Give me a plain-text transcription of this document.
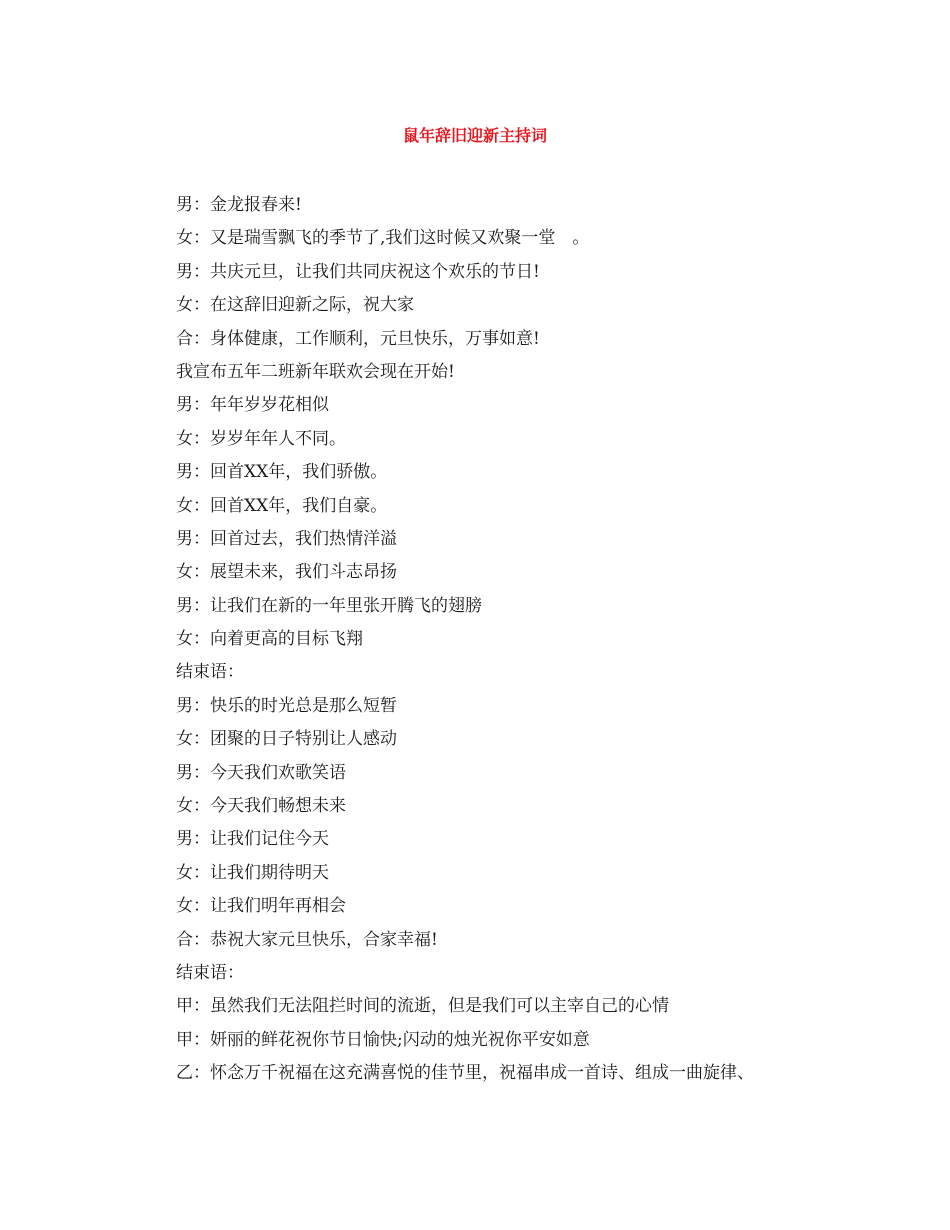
鼠年辞旧迎新主持词
男：金龙报春来!
女：又是瑞雪飘飞的季节了,我们这时候又欢聚一堂　。
男：共庆元旦，让我们共同庆祝这个欢乐的节日!
女：在这辞旧迎新之际，祝大家
合：身体健康，工作顺利，元旦快乐，万事如意!
我宣布五年二班新年联欢会现在开始!
男：年年岁岁花相似
女：岁岁年年人不同。
男：回首XX年，我们骄傲。
女：回首XX年，我们自豪。
男：回首过去，我们热情洋溢
女：展望未来，我们斗志昂扬
男：让我们在新的一年里张开腾飞的翅膀
女：向着更高的目标飞翔
结束语：
男：快乐的时光总是那么短暂
女：团聚的日子特别让人感动
男：今天我们欢歌笑语
女：今天我们畅想未来
男：让我们记住今天
女：让我们期待明天
女：让我们明年再相会
合：恭祝大家元旦快乐，合家幸福!
结束语：
甲：虽然我们无法阻拦时间的流逝，但是我们可以主宰自己的心情
甲：妍丽的鲜花祝你节日愉快;闪动的烛光祝你平安如意
乙：怀念万千祝福在这充满喜悦的佳节里，祝福串成一首诗、组成一曲旋律、
